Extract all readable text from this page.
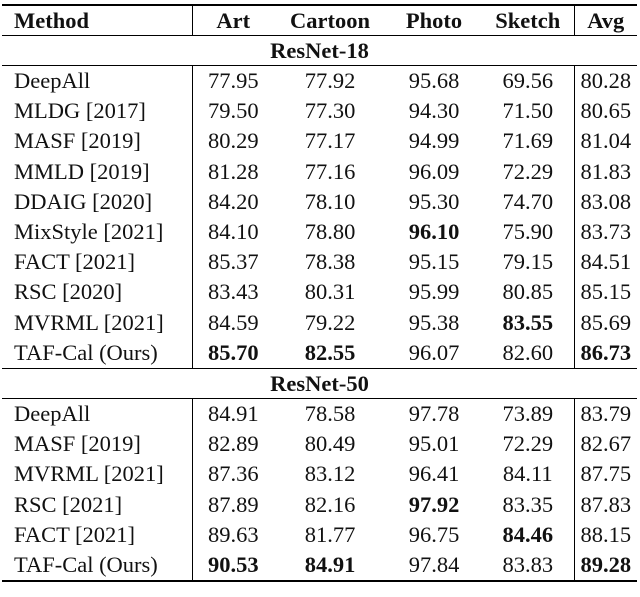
Method	Art	Cartoon	Photo	Sketch	Avg
ResNet-18					
DeepAll	77.95	77.92	95.68	69.56	80.28
MLDG [2017]	79.50	77.30	94.30	71.50	80.65
MASF [2019]	80.29	77.17	94.99	71.69	81.04
MMLD [2019]	81.28	77.16	96.09	72.29	81.83
DDAIG [2020]	84.20	78.10	95.30	74.70	83.08
MixStyle [2021]	84.10	78.80	96.10	75.90	83.73
FACT [2021]	85.37	78.38	95.15	79.15	84.51
RSC [2020]	83.43	80.31	95.99	80.85	85.15
MVRML [2021]	84.59	79.22	95.38	83.55	85.69
TAF-Cal (Ours)	85.70	82.55	96.07	82.60	86.73
ResNet-50					
DeepAll	84.91	78.58	97.78	73.89	83.79
MASF [2019]	82.89	80.49	95.01	72.29	82.67
MVRML [2021]	87.36	83.12	96.41	84.11	87.75
RSC [2021]	87.89	82.16	97.92	83.35	87.83
FACT [2021]	89.63	81.77	96.75	84.46	88.15
TAF-Cal (Ours)	90.53	84.91	97.84	83.83	89.28
